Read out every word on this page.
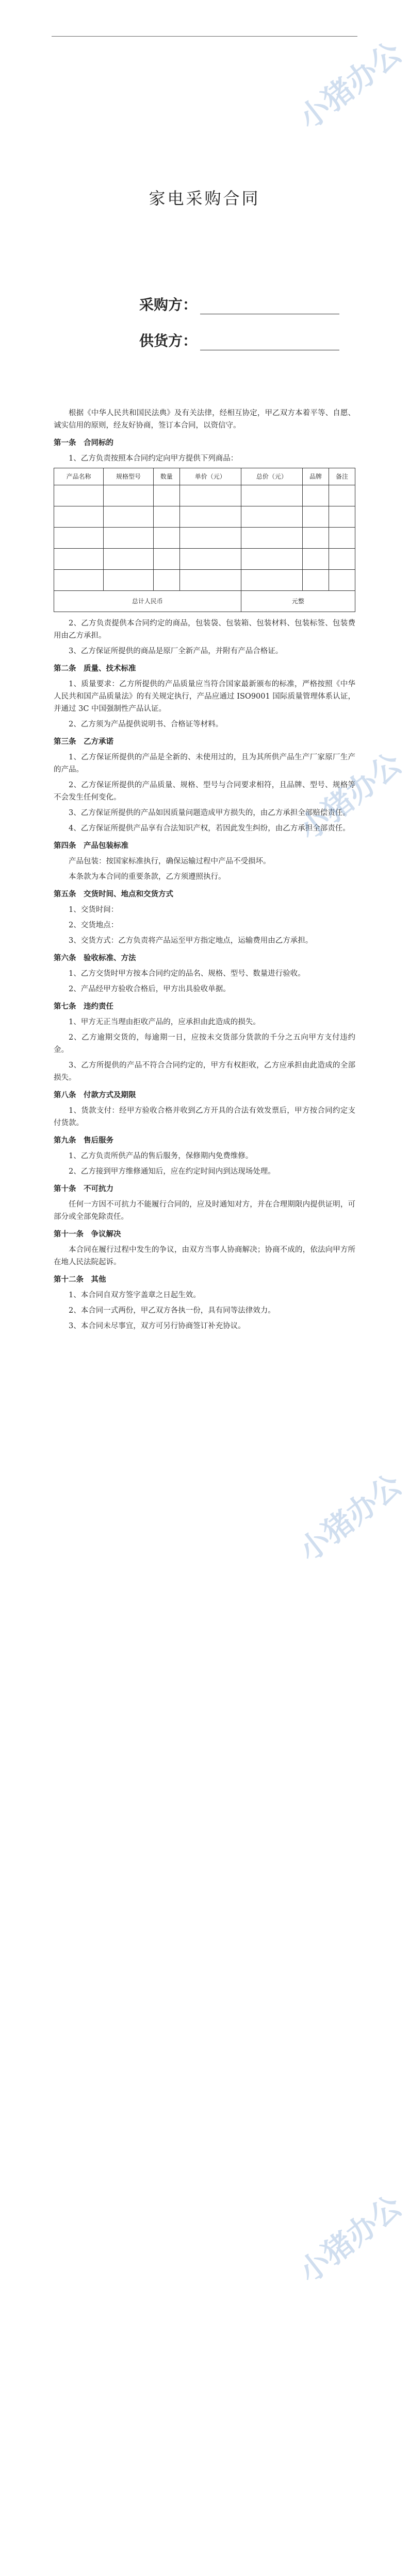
家电采购合同
采购方：
供货方：

根据《中华人民共和国民法典》及有关法律，经相互协定，甲乙双方本着平等、自愿、诚实信用的原则，经友好协商，签订本合同，以资信守。

第一条　合同标的

1、乙方负责按照本合同约定向甲方提供下列商品：

产品名称	规格型号	数量	单价（元）	总价（元）	品牌	备注

总计人民币				元整		

2、乙方负责提供本合同约定的商品，包装袋、包装箱、包装材料、包装标签、包装费用由乙方承担。

3、乙方保证所提供的商品是原厂全新产品，并附有产品合格证。

第二条　质量、技术标准

1、质量要求：乙方所提供的产品质量应当符合国家最新颁布的标准，严格按照《中华人民共和国产品质量法》的有关规定执行，产品应通过 ISO9001 国际质量管理体系认证，并通过 3C 中国强制性产品认证。

2、乙方须为产品提供说明书、合格证等材料。

第三条　乙方承诺

1、乙方保证所提供的产品是全新的、未使用过的，且为其所供产品生产厂家原厂生产的产品。

2、乙方保证所提供的产品质量、规格、型号与合同要求相符，且品牌、型号、规格等不会发生任何变化。

3、乙方保证所提供的产品如因质量问题造成甲方损失的，由乙方承担全部赔偿责任。

4、乙方保证所提供产品享有合法知识产权，若因此发生纠纷，由乙方承担全部责任。

第四条　产品包装标准

产品包装：按国家标准执行，确保运输过程中产品不受损坏。

本条款为本合同的重要条款，乙方须遵照执行。

第五条　交货时间、地点和交货方式

1、交货时间：

2、交货地点：

3、交货方式：乙方负责将产品运至甲方指定地点，运输费用由乙方承担。

第六条　验收标准、方法

1、乙方交货时甲方按本合同约定的品名、规格、型号、数量进行验收。

2、产品经甲方验收合格后，甲方出具验收单据。

第七条　违约责任

1、甲方无正当理由拒收产品的，应承担由此造成的损失。

2、乙方逾期交货的，每逾期一日，应按未交货部分货款的千分之五向甲方支付违约金。

3、乙方所提供的产品不符合合同约定的，甲方有权拒收，乙方应承担由此造成的全部损失。

第八条　付款方式及期限

1、货款支付：经甲方验收合格并收到乙方开具的合法有效发票后，甲方按合同约定支付货款。

第九条　售后服务

1、乙方负责所供产品的售后服务，保修期内免费维修。

2、乙方接到甲方维修通知后，应在约定时间内到达现场处理。

第十条　不可抗力

任何一方因不可抗力不能履行合同的，应及时通知对方，并在合理期限内提供证明，可部分或全部免除责任。

第十一条　争议解决

本合同在履行过程中发生的争议，由双方当事人协商解决；协商不成的，依法向甲方所在地人民法院起诉。

第十二条　其他

1、本合同自双方签字盖章之日起生效。

2、本合同一式两份，甲乙双方各执一份，具有同等法律效力。

3、本合同未尽事宜，双方可另行协商签订补充协议。

小猪办公
小猪办公
小猪办公
小猪办公
